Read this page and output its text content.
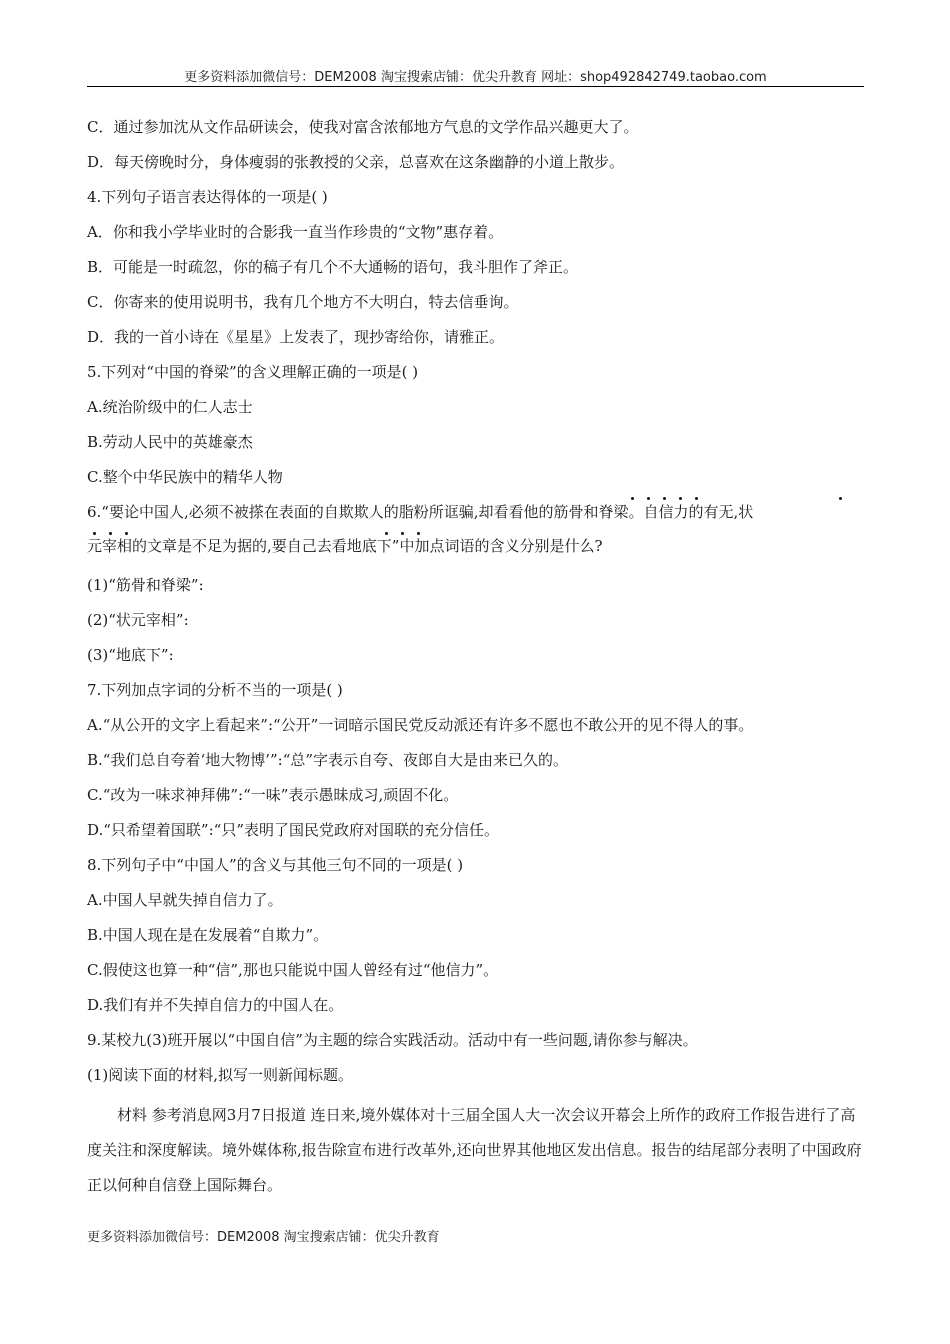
更多资料添加微信号：DEM2008 淘宝搜索店铺：优尖升教育 网址：shop492842749.taobao.com
C．通过参加沈从文作品研读会，使我对富含浓郁地方气息的文学作品兴趣更大了。
D．每天傍晚时分，身体瘦弱的张教授的父亲，总喜欢在这条幽静的小道上散步。
4.下列句子语言表达得体的一项是( )
A．你和我小学毕业时的合影我一直当作珍贵的“文物”惠存着。
B．可能是一时疏忽，你的稿子有几个不大通畅的语句，我斗胆作了斧正。
C．你寄来的使用说明书，我有几个地方不大明白，特去信垂询。
D．我的一首小诗在《星星》上发表了，现抄寄给你，请雅正。
5.下列对“中国的脊梁”的含义理解正确的一项是( )
A.统治阶级中的仁人志士
B.劳动人民中的英雄豪杰
C.整个中华民族中的精华人物
6.“要论中国人,必须不被搽在表面的自欺欺人的脂粉所诓骗,却看看他的筋骨和脊梁。自信力的有无,状
元宰相的文章是不足为据的,要自己去看地底下”中加点词语的含义分别是什么?
(1)“筋骨和脊梁”:
(2)“状元宰相”:
(3)“地底下”:
7.下列加点字词的分析不当的一项是( )
A.“从公开的文字上看起来”:“公开”一词暗示国民党反动派还有许多不愿也不敢公开的见不得人的事。
B.“我们总自夸着‘地大物博’”:“总”字表示自夸、夜郎自大是由来已久的。
C.“改为一味求神拜佛”:“一味”表示愚昧成习,顽固不化。
D.“只希望着国联”:“只”表明了国民党政府对国联的充分信任。
8.下列句子中“中国人”的含义与其他三句不同的一项是( )
A.中国人早就失掉自信力了。
B.中国人现在是在发展着“自欺力”。
C.假使这也算一种“信”,那也只能说中国人曾经有过“他信力”。
D.我们有并不失掉自信力的中国人在。
9.某校九(3)班开展以“中国自信”为主题的综合实践活动。活动中有一些问题,请你参与解决。
(1)阅读下面的材料,拟写一则新闻标题。
材料 参考消息网3月7日报道 连日来,境外媒体对十三届全国人大一次会议开幕会上所作的政府工作报告进行了高度关注和深度解读。境外媒体称,报告除宣布进行改革外,还向世界其他地区发出信息。报告的结尾部分表明了中国政府正以何种自信登上国际舞台。
更多资料添加微信号：DEM2008 淘宝搜索店铺：优尖升教育
